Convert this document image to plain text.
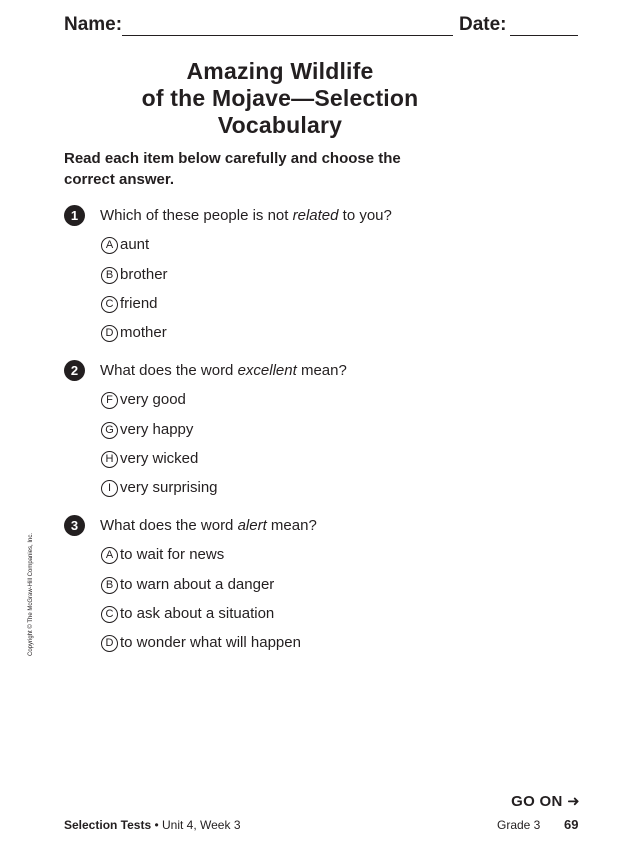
Name:	Date:
Amazing Wildlife
of the Mojave—Selection
Vocabulary
Read each item below carefully and choose the correct answer.
1	Which of these people is not related to you?
A aunt
B brother
C friend
D mother
2	What does the word excellent mean?
F very good
G very happy
H very wicked
I very surprising
3	What does the word alert mean?
A to wait for news
B to warn about a danger
C to ask about a situation
D to wonder what will happen
Copyright © The McGraw-Hill Companies, Inc.
GO ON ➜
Selection Tests • Unit 4, Week 3	Grade 3 69
